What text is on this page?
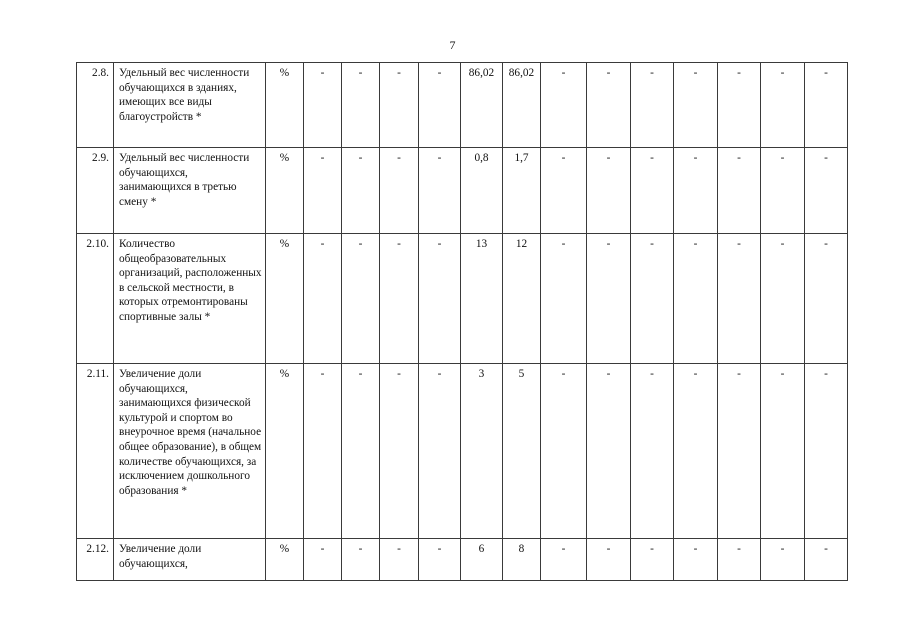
7
2.8.	Удельный вес численности обучающихся в зданиях, имеющих все виды благоустройств *	%	-	-	-	-	86,02	86,02	-	-	-	-	-	-	-
2.9.	Удельный вес численности обучающихся, занимающихся в третью смену *	%	-	-	-	-	0,8	1,7	-	-	-	-	-	-	-
2.10.	Количество общеобразовательных организаций, расположенных в сельской местности, в которых отремонтированы спортивные залы *	%	-	-	-	-	13	12	-	-	-	-	-	-	-
2.11.	Увеличение доли обучающихся, занимающихся физической культурой и спортом во внеурочное время (начальное общее образование), в общем количестве обучающихся, за исключением дошкольного образования *	%	-	-	-	-	3	5	-	-	-	-	-	-	-
2.12.	Увеличение доли обучающихся,	%	-	-	-	-	6	8	-	-	-	-	-	-	-
